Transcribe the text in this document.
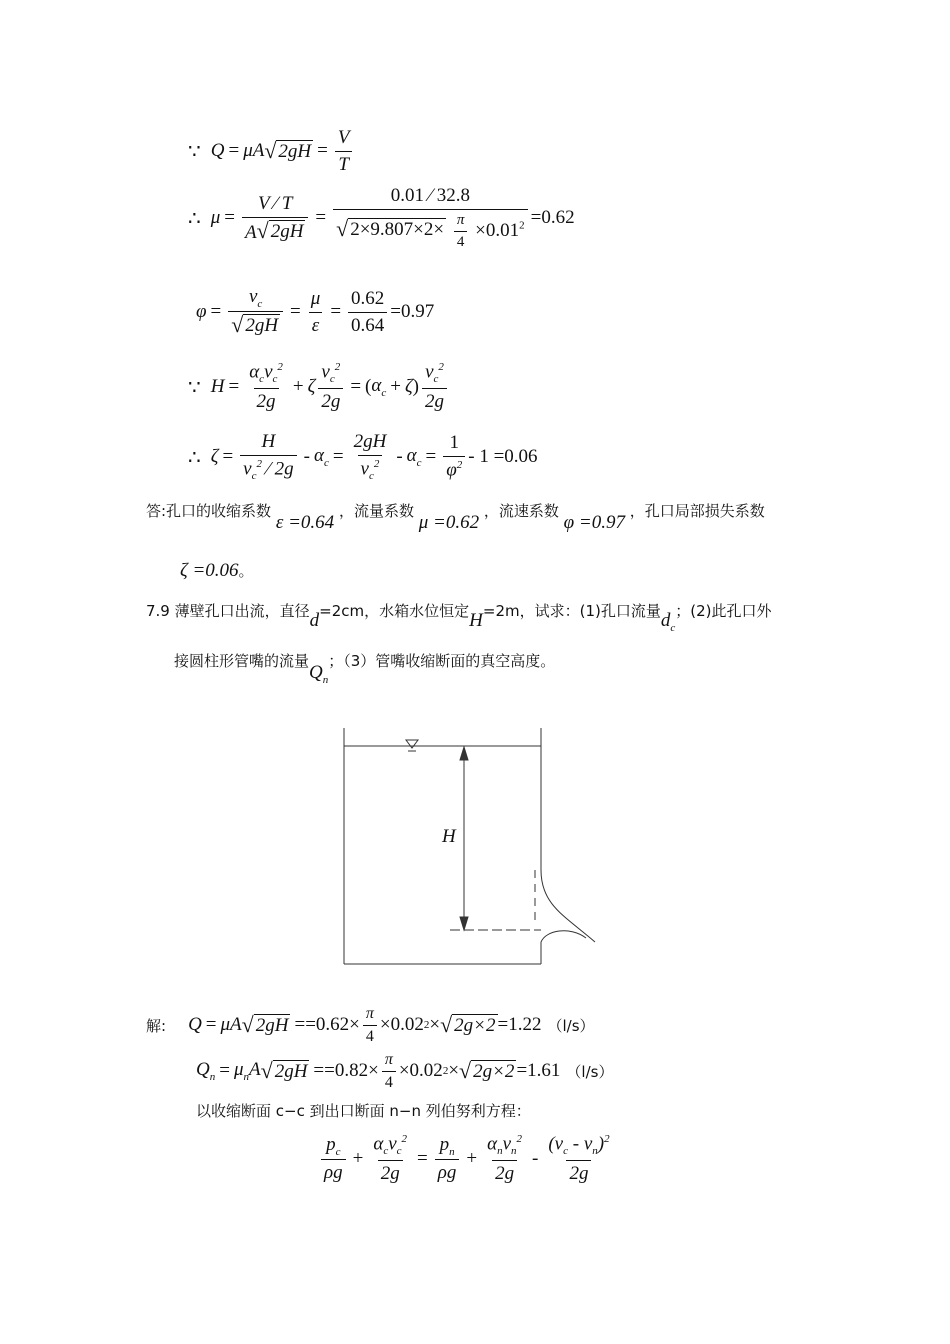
∵ Q = μA √ $2gH = \frac{V}{T}$
∴ $\mu = \frac{V ⁄ T}{A √ 2gH} = 0.01$ ⁄ 32.8
√ 2×9.807×2×
$\frac{\pi}{4} \times 0.01^2 =0.62$
$\varphi = \frac{v_c}{√ 2gH} = \frac{\mu}{\varepsilon} = \frac{0.62}{0.64} =0.97$
∵ $H = \frac{\alpha_cv_c^2}{2g} + \zeta \frac{v_c^2}{2g}$ = ( $\alpha_c + \zeta$ ) $\frac{v_c^2}{2g}$
∴ $\zeta = \frac{H}{v_c^2 ⁄ 2g} - \alpha_c = \frac{2gH}{v_c^2} - \alpha_c = \frac{1}{\varphi^2} - 1 =0.06$
答:孔口的收缩系数 ε =0.64 ，流量系数 μ =0.62 ，流速系数 φ =0.97 ，孔口局部损失系数
ζ =0.06。
7.9 薄壁孔口出流，直径d=2cm，水箱水位恒定H=2m，试求：(1)孔口流量$d_c$；(2)此孔口外
接圆柱形管嘴的流量$Q_n$；（3）管嘴收缩断面的真空高度。
H
解: Q = μA √ $2gH = =0.62\times \frac{\pi}{4} \times 0.02$ 2 × √ 2g×2 =1.22 （l/s）
$Q_n = \mu_nA$ √ $2gH = =0.82\times \frac{\pi}{4} \times 0.02$ 2 × √ 2g×2 =1.61 （l/s）
以收缩断面 c−c 到出口断面 n−n 列伯努利方程：
$\frac{p_c}{\rho g} + \frac{\alpha_cv_c^2}{2g} = \frac{p_n}{\rho g} + \frac{\alpha_nv_n^2}{2g} - \frac{(v_c - v_n)^2}{2g}$
